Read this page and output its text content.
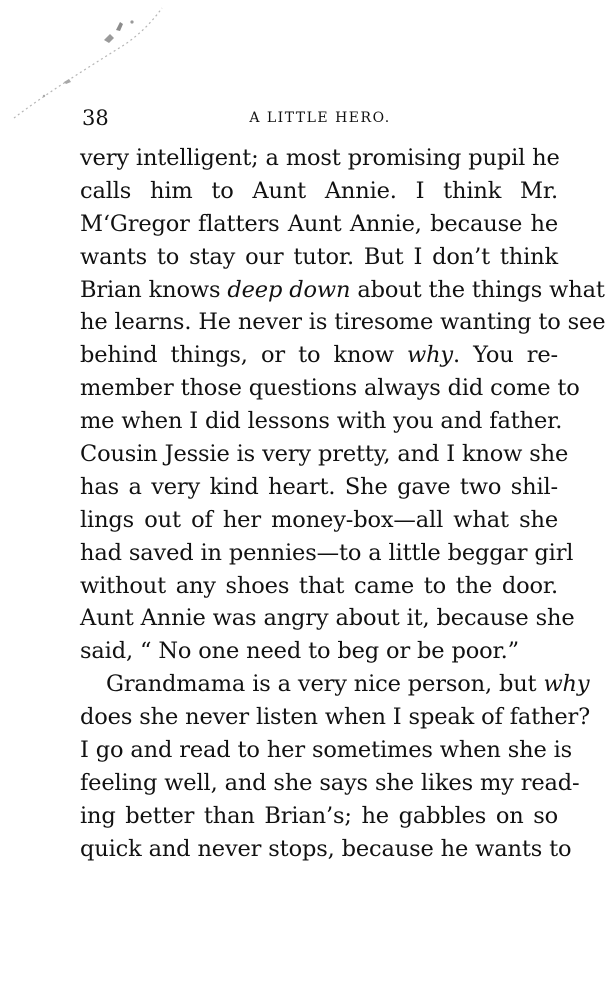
38	A LITTLE HERO.
very intelligent; a most promising pupil he
calls him to Aunt Annie. I think Mr.
M‘Gregor flatters Aunt Annie, because he
wants to stay our tutor. But I don’t think
Brian knows deep down about the things what
he learns. He never is tiresome wanting to see
behind things, or to know why. You re-
member those questions always did come to
me when I did lessons with you and father.
Cousin Jessie is very pretty, and I know she
has a very kind heart. She gave two shil-
lings out of her money-box—all what she
had saved in pennies—to a little beggar girl
without any shoes that came to the door.
Aunt Annie was angry about it, because she
said, “ No one need to beg or be poor.”
Grandmama is a very nice person, but why
does she never listen when I speak of father?
I go and read to her sometimes when she is
feeling well, and she says she likes my read-
ing better than Brian’s; he gabbles on so
quick and never stops, because he wants to
